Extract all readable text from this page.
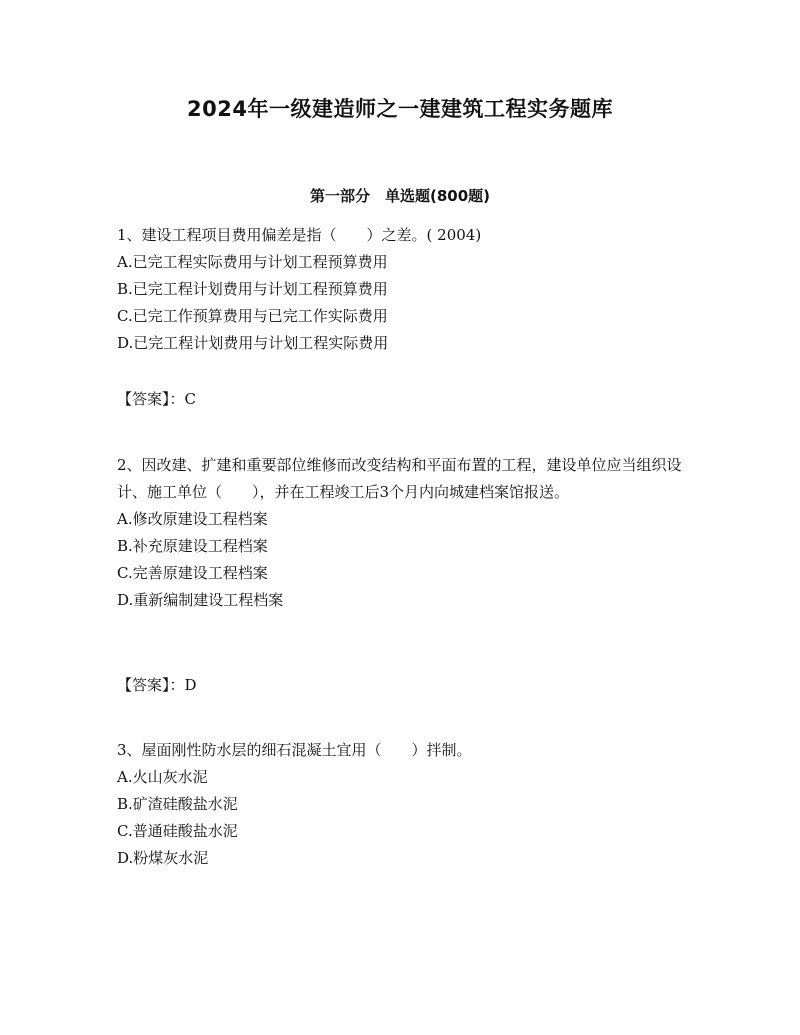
2024年一级建造师之一建建筑工程实务题库
第一部分　单选题(800题)
1、建设工程项目费用偏差是指（　　）之差。( 2004)
A.已完工程实际费用与计划工程预算费用
B.已完工程计划费用与计划工程预算费用
C.已完工作预算费用与已完工作实际费用
D.已完工程计划费用与计划工程实际费用
【答案】：C
2、因改建、扩建和重要部位维修而改变结构和平面布置的工程，建设单位应当组织设计、施工单位（　　），并在工程竣工后3个月内向城建档案馆报送。
A.修改原建设工程档案
B.补充原建设工程档案
C.完善原建设工程档案
D.重新编制建设工程档案
【答案】：D
3、屋面刚性防水层的细石混凝土宜用（　　）拌制。
A.火山灰水泥
B.矿渣硅酸盐水泥
C.普通硅酸盐水泥
D.粉煤灰水泥
